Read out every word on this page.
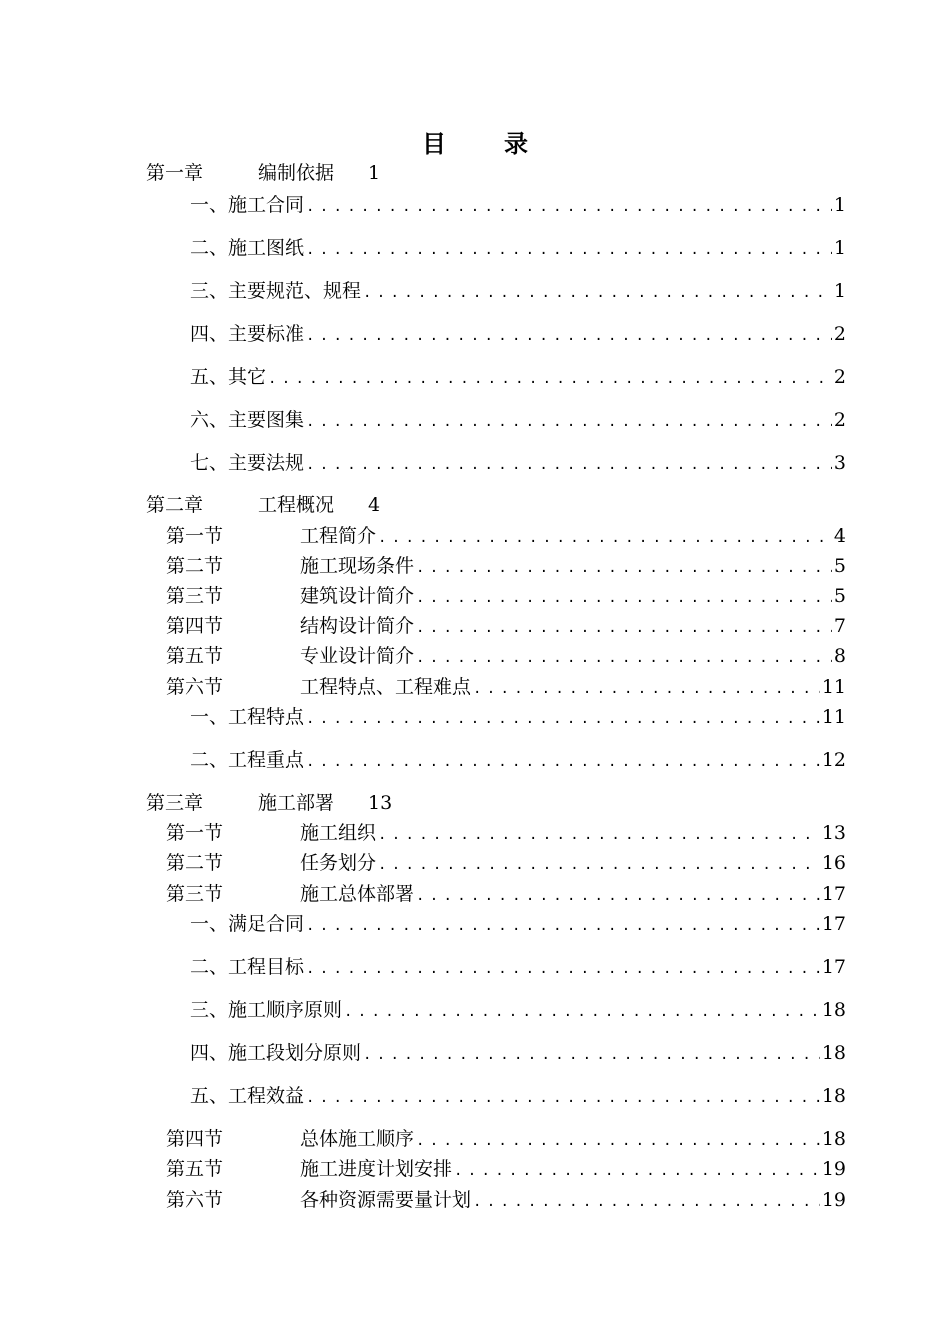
目 录
第一章	编制依据 1
一、施工合同 .....	1
二、施工图纸 .....	1
三、主要规范、规程 .....	1
四、主要标准 .....	2
五、其它 .....	2
六、主要图集 .....	2
七、主要法规 .....	3
第二章	工程概况 4
第一节	工程简介 .....	4
第二节	施工现场条件 .....	5
第三节	建筑设计简介 .....	5
第四节	结构设计简介 .....	7
第五节	专业设计简介 .....	8
第六节	工程特点、工程难点 .....	11
一、工程特点 .....	11
二、工程重点 .....	12
第三章	施工部署 13
第一节	施工组织 .....	13
第二节	任务划分 .....	16
第三节	施工总体部署 .....	17
一、满足合同 .....	17
二、工程目标 .....	17
三、施工顺序原则 .....	18
四、施工段划分原则 .....	18
五、工程效益 .....	18
第四节	总体施工顺序 .....	18
第五节	施工进度计划安排 .....	19
第六节	各种资源需要量计划 .....	19
